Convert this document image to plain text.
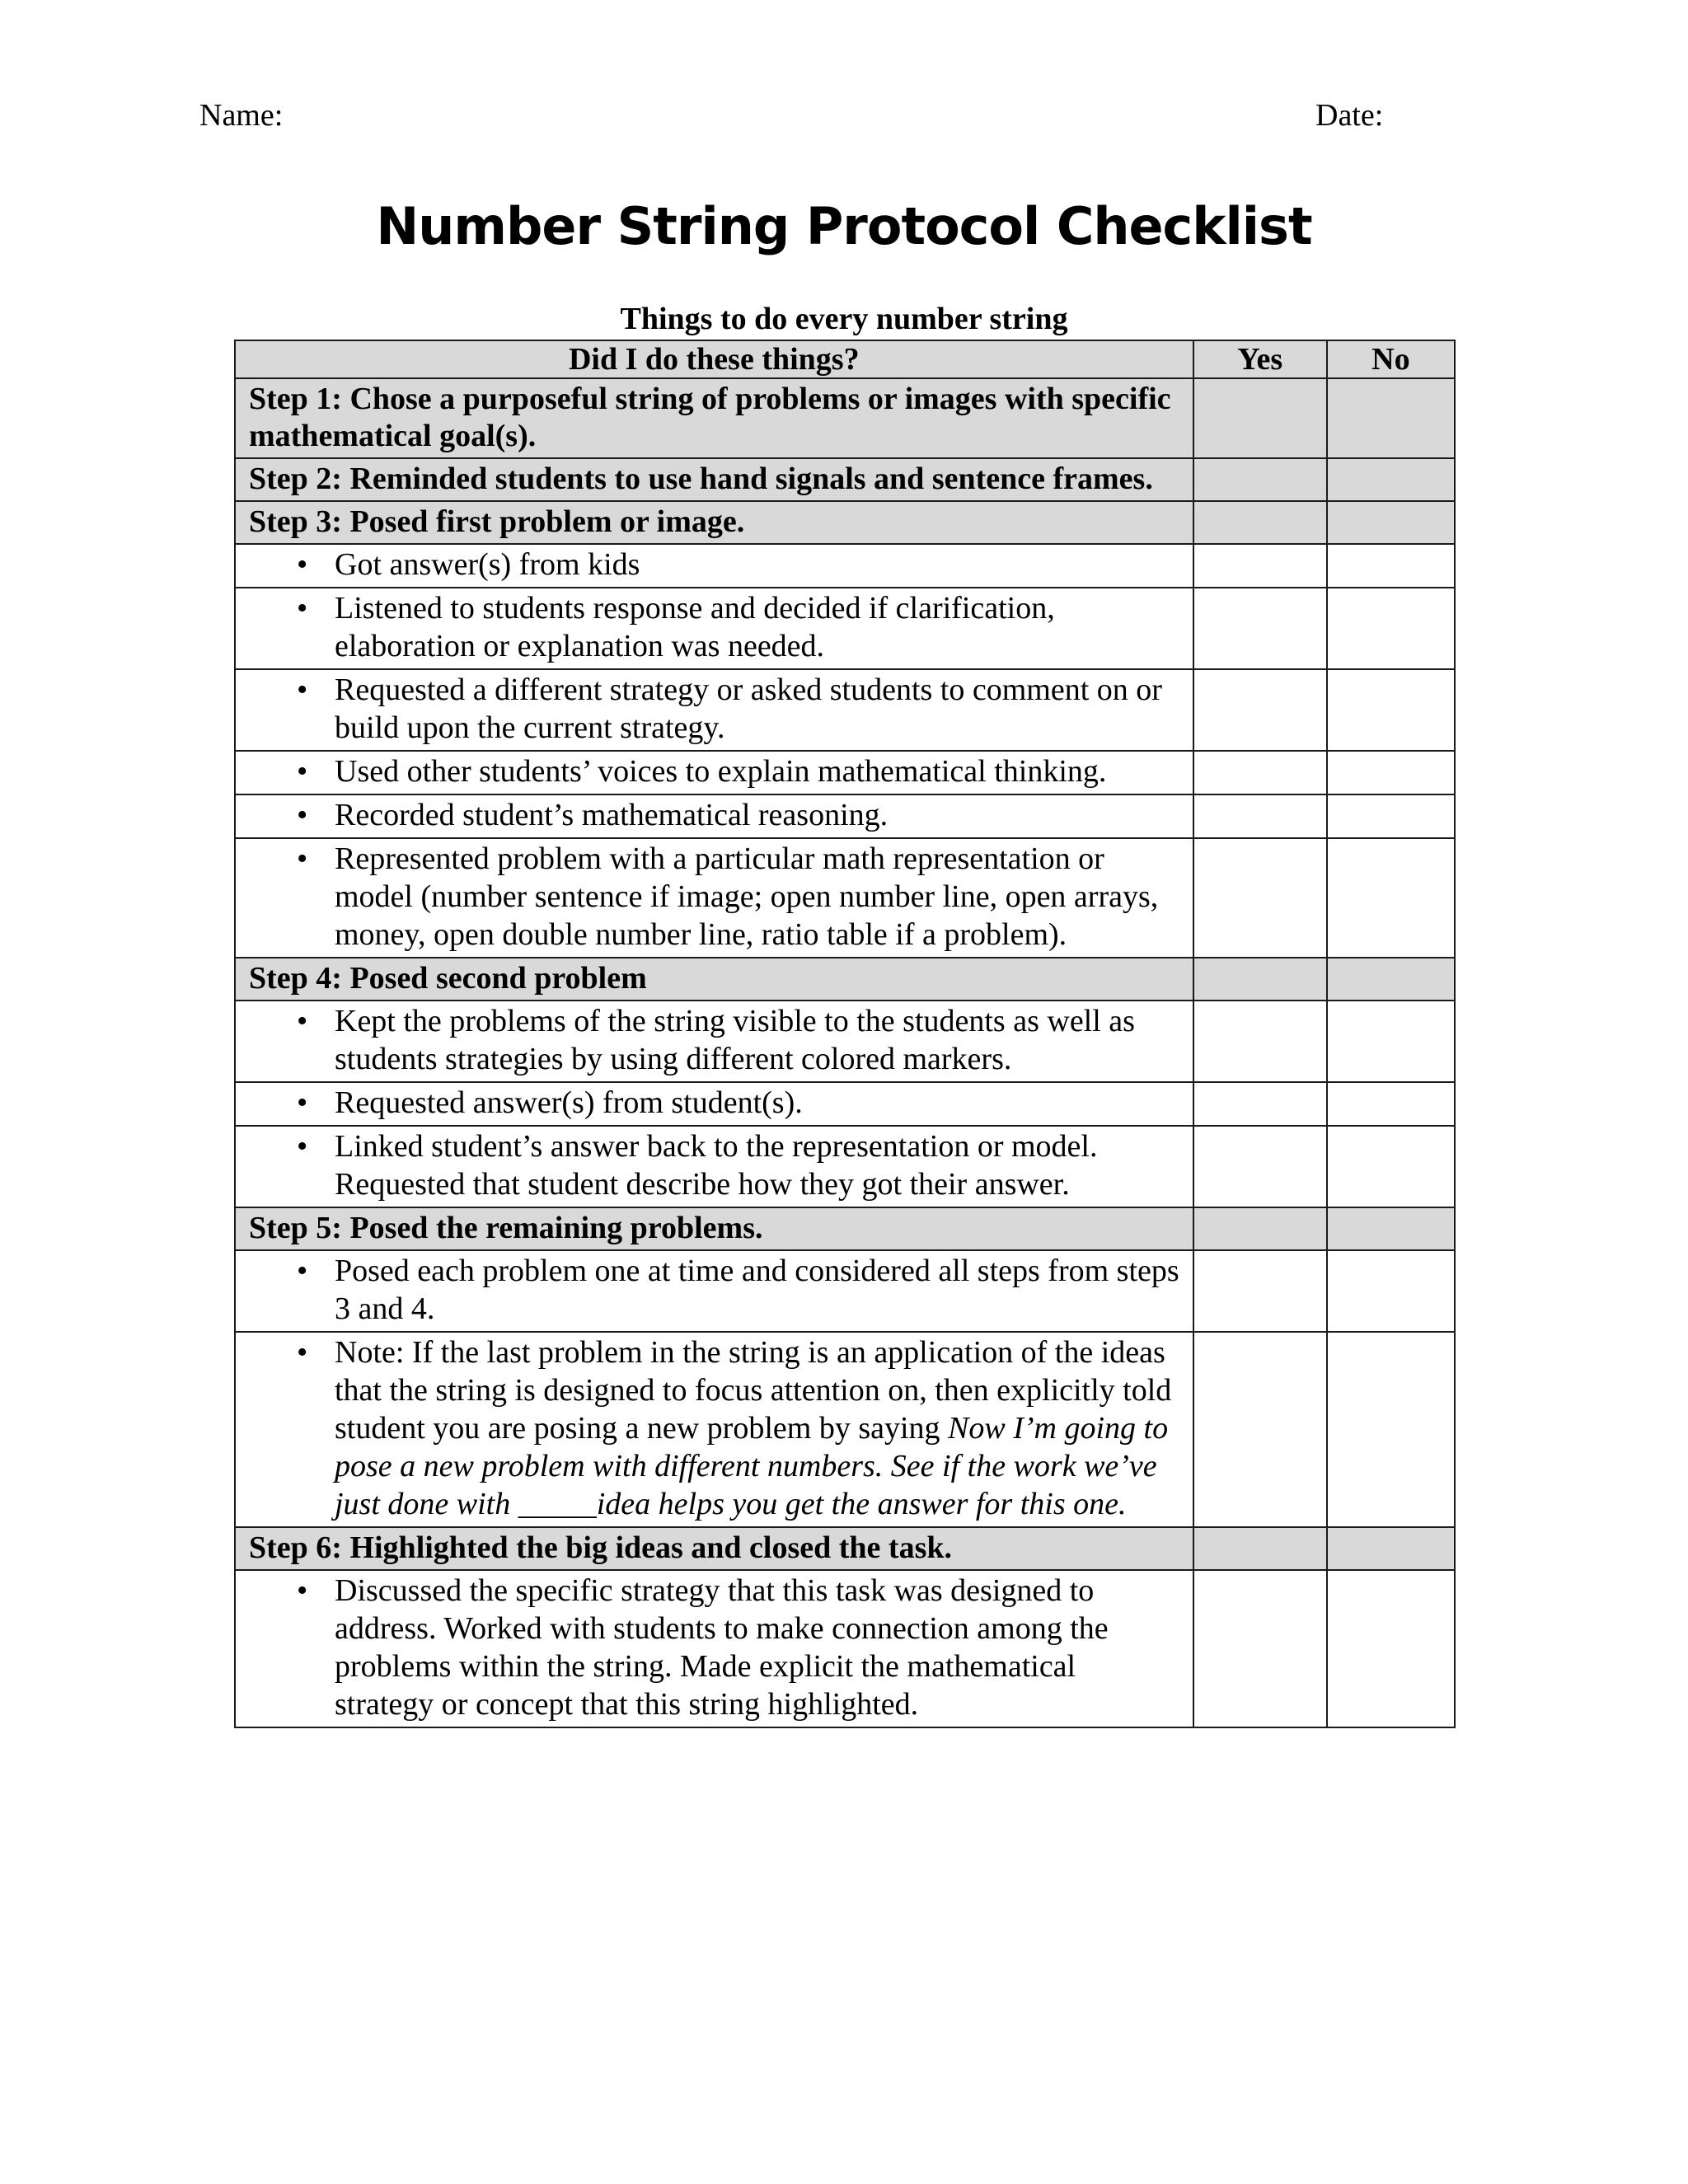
Name:	Date:
Number String Protocol Checklist
Things to do every number string
Did I do these things?	Yes	No
Step 1: Chose a purposeful string of problems or images with specific mathematical goal(s).		
Step 2: Reminded students to use hand signals and sentence frames.		
Step 3: Posed first problem or image.		

• Got answer(s) from kids		

• Listened to students response and decided if clarification, elaboration or explanation was needed.		

• Requested a different strategy or asked students to comment on or build upon the current strategy.		

• Used other students’ voices to explain mathematical thinking.		

• Recorded student’s mathematical reasoning.		

• Represented problem with a particular math representation or model (number sentence if image; open number line, open arrays, money, open double number line, ratio table if a problem).		

Step 4: Posed second problem		

• Kept the problems of the string visible to the students as well as students strategies by using different colored markers.		

• Requested answer(s) from student(s).		

• Linked student’s answer back to the representation or model. Requested that student describe how they got their answer.		

Step 5: Posed the remaining problems.		

• Posed each problem one at time and considered all steps from steps 3 and 4.		

• Note: If the last problem in the string is an application of the ideas that the string is designed to focus attention on, then explicitly told student you are posing a new problem by saying Now I’m going to pose a new problem with different numbers. See if the work we’ve just done with _____idea helps you get the answer for this one.		

Step 6: Highlighted the big ideas and closed the task.		

• Discussed the specific strategy that this task was designed to address. Worked with students to make connection among the problems within the string. Made explicit the mathematical strategy or concept that this string highlighted.		
